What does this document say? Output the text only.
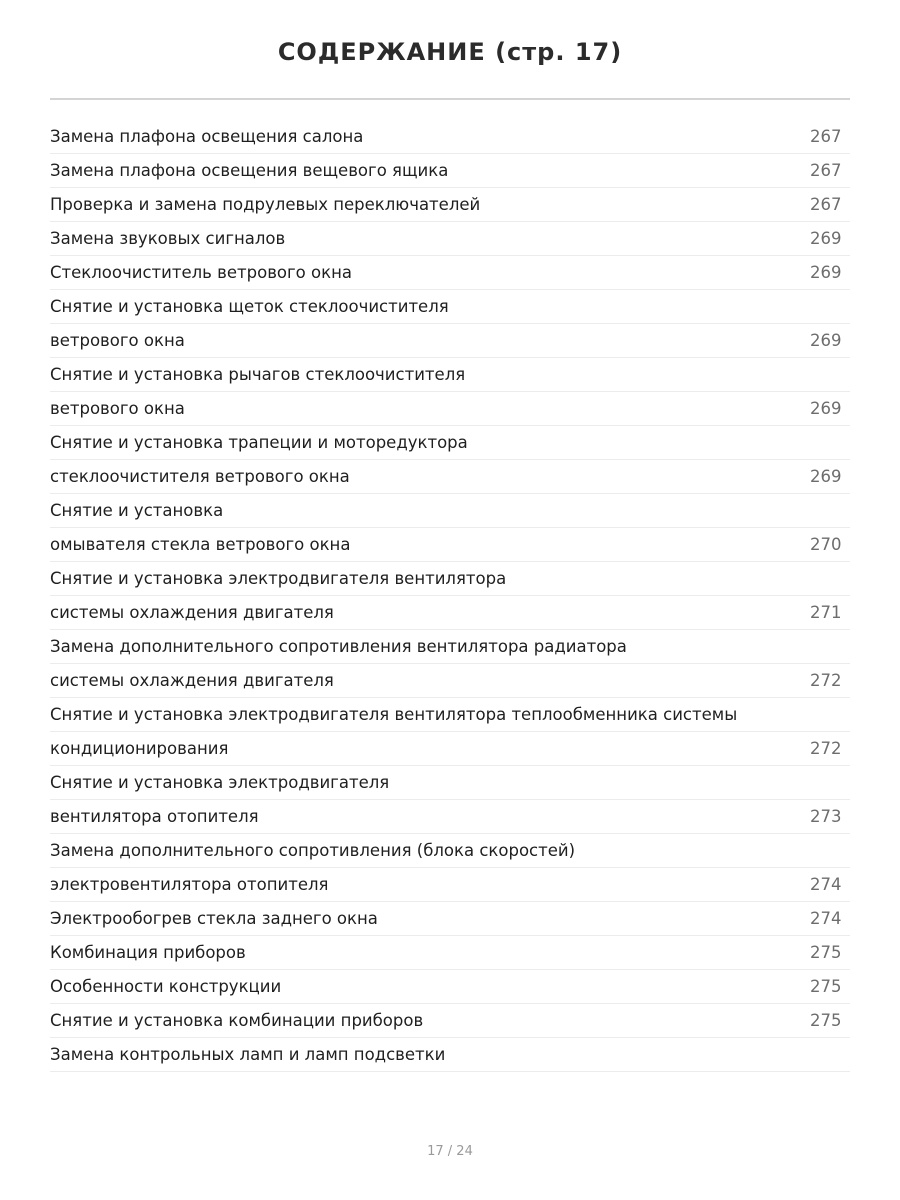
СОДЕРЖАНИЕ (стр. 17)
Замена плафона освещения салона	267
Замена плафона освещения вещевого ящика	267
Проверка и замена подрулевых переключателей	267
Замена звуковых сигналов	269
Стеклоочиститель ветрового окна	269
Снятие и установка щеток стеклоочистителя
ветрового окна	269
Снятие и установка рычагов стеклоочистителя
ветрового окна	269
Снятие и установка трапеции и моторедуктора
стеклоочистителя ветрового окна	269
Снятие и установка
омывателя стекла ветрового окна	270
Снятие и установка электродвигателя вентилятора
системы охлаждения двигателя	271
Замена дополнительного сопротивления вентилятора радиатора
системы охлаждения двигателя	272
Снятие и установка электродвигателя вентилятора теплообменника системы
кондиционирования	272
Снятие и установка электродвигателя
вентилятора отопителя	273
Замена дополнительного сопротивления (блока скоростей)
электровентилятора отопителя	274
Электрообогрев стекла заднего окна	274
Комбинация приборов	275
Особенности конструкции	275
Снятие и установка комбинации приборов	275
Замена контрольных ламп и ламп подсветки
17 / 24
